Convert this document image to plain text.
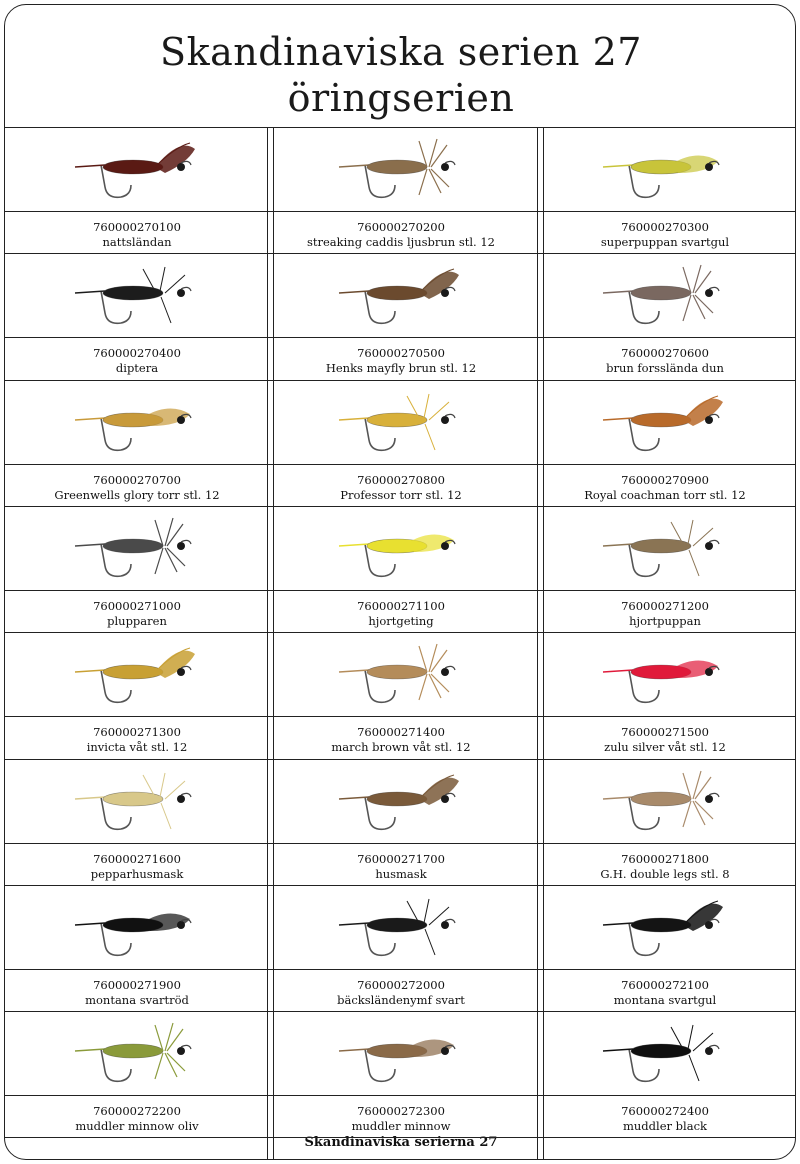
Skandinaviska serien 27
öringserien
760000270100
nattsländan
760000270200
streaking caddis ljusbrun stl. 12
760000270300
superpuppan svartgul
760000270400
diptera
760000270500
Henks mayfly brun stl. 12
760000270600
brun forssländа dun
760000270700
Greenwells glory torr stl. 12
760000270800
Professor torr stl. 12
760000270900
Royal coachman torr stl. 12
760000271000
plupparen
760000271100
hjortgeting
760000271200
hjortpuppan
760000271300
invicta våt stl. 12
760000271400
march brown våt stl. 12
760000271500
zulu silver våt stl. 12
760000271600
pepparhusmask
760000271700
husmask
760000271800
G.H. double legs stl. 8
760000271900
montana svartröd
760000272000
bäcksländenymf svart
760000272100
montana svartgul
760000272200
muddler minnow oliv
760000272300
muddler minnow
760000272400
muddler black
Skandinaviska serierna 27
